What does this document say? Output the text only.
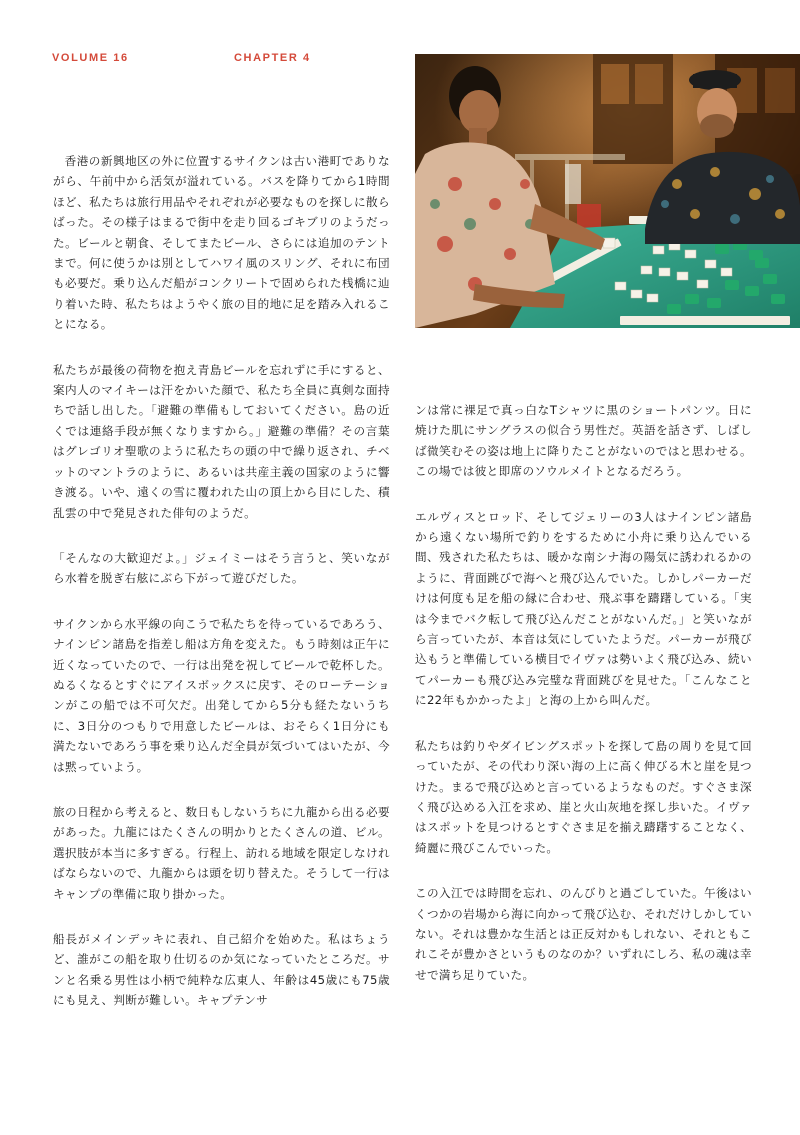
VOLUME 16	CHAPTER 4

香港の新興地区の外に位置するサイクンは古い港町でありながら、午前中から活気が溢れている。バスを降りてから1時間ほど、私たちは旅行用品やそれぞれが必要なものを探しに散らばった。その様子はまるで街中を走り回るゴキブリのようだった。ビールと朝食、そしてまたビール、さらには追加のテントまで。何に使うかは別としてハワイ風のスリング、それに布団も必要だ。乗り込んだ船がコンクリートで固められた桟橋に辿り着いた時、私たちはようやく旅の目的地に足を踏み入れることになる。

私たちが最後の荷物を抱え青島ビールを忘れずに手にすると、案内人のマイキーは汗をかいた顔で、私たち全員に真剣な面持ちで話し出した。「避難の準備もしておいてください。島の近くでは連絡手段が無くなりますから。」避難の準備？その言葉はグレゴリオ聖歌のように私たちの頭の中で繰り返され、チベットのマントラのように、あるいは共産主義の国家のように響き渡る。いや、遠くの雪に覆われた山の頂上から目にした、積乱雲の中で発見された俳句のようだ。

「そんなの大歓迎だよ。」ジェイミーはそう言うと、笑いながら水着を脱ぎ右舷にぶら下がって遊びだした。

サイクンから水平線の向こうで私たちを待っているであろう、ナインピン諸島を指差し船は方角を変えた。もう時刻は正午に近くなっていたので、一行は出発を祝してビールで乾杯した。ぬるくなるとすぐにアイスボックスに戻す、そのローテーションがこの船では不可欠だ。出発してから5分も経たないうちに、3日分のつもりで用意したビールは、おそらく1日分にも満たないであろう事を乗り込んだ全員が気づいてはいたが、今は黙っていよう。

旅の日程から考えると、数日もしないうちに九龍から出る必要があった。九龍にはたくさんの明かりとたくさんの道、ビル。選択肢が本当に多すぎる。行程上、訪れる地域を限定しなければならないので、九龍からは頭を切り替えた。そうして一行はキャンプの準備に取り掛かった。

船長がメインデッキに表れ、自己紹介を始めた。私はちょうど、誰がこの船を取り仕切るのか気になっていたところだ。サンと名乗る男性は小柄で純粋な広東人、年齢は45歳にも75歳にも見え、判断が難しい。キャプテンサ

ンは常に裸足で真っ白なTシャツに黒のショートパンツ。日に焼けた肌にサングラスの似合う男性だ。英語を話さず、しばしば微笑むその姿は地上に降りたことがないのではと思わせる。この場では彼と即席のソウルメイトとなるだろう。

エルヴィスとロッド、そしてジェリーの3人はナインピン諸島から遠くない場所で釣りをするために小舟に乗り込んでいる間、残された私たちは、暖かな南シナ海の陽気に誘われるかのように、背面跳びで海へと飛び込んでいた。しかしパーカーだけは何度も足を船の縁に合わせ、飛ぶ事を躊躇している。「実は今までバク転して飛び込んだことがないんだ。」と笑いながら言っていたが、本音は気にしていたようだ。パーカーが飛び込もうと準備している横目でイヴァは勢いよく飛び込み、続いてパーカーも飛び込み完璧な背面跳びを見せた。「こんなことに22年もかかったよ」と海の上から叫んだ。

私たちは釣りやダイビングスポットを探して島の周りを見て回っていたが、その代わり深い海の上に高く伸びる木と崖を見つけた。まるで飛び込めと言っているようなものだ。すぐさま深く飛び込める入江を求め、崖と火山灰地を探し歩いた。イヴァはスポットを見つけるとすぐさま足を揃え躊躇することなく、綺麗に飛びこんでいった。

この入江では時間を忘れ、のんびりと過ごしていた。午後はいくつかの岩場から海に向かって飛び込む、それだけしかしていない。それは豊かな生活とは正反対かもしれない、それともこれこそが豊かさというものなのか？いずれにしろ、私の魂は幸せで満ち足りていた。
